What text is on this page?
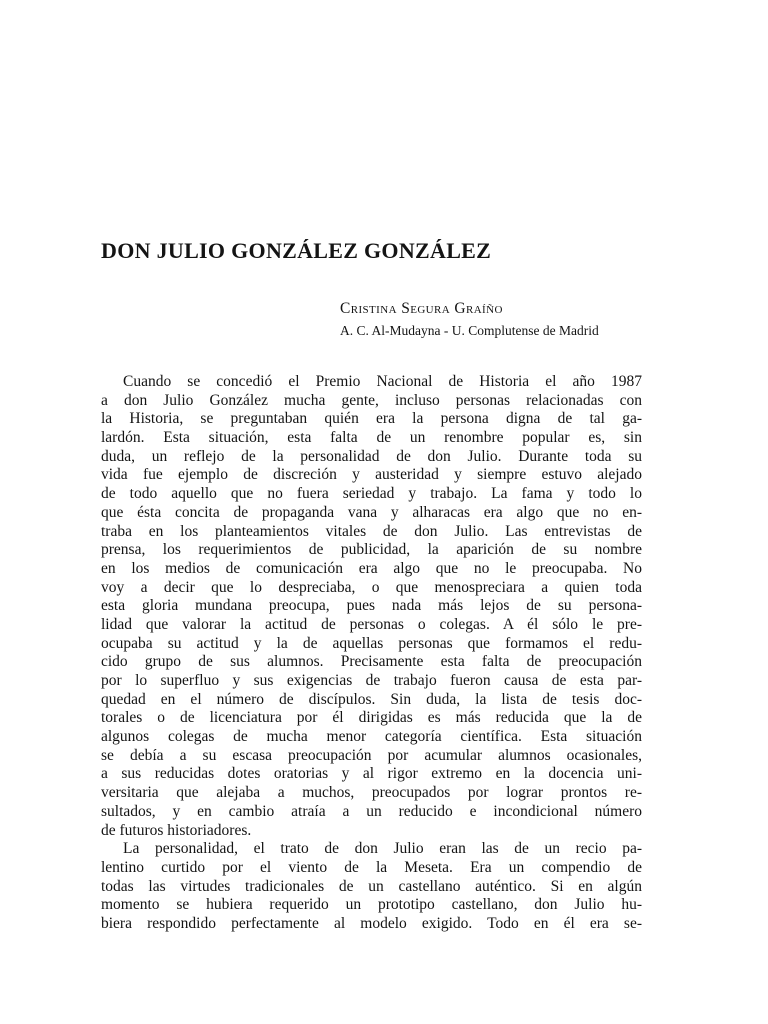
DON JULIO GONZÁLEZ GONZÁLEZ
Cristina Segura Graíño
A. C. Al-Mudayna - U. Complutense de Madrid

Cuando se concedió el Premio Nacional de Historia el año 1987
a don Julio González mucha gente, incluso personas relacionadas con
la Historia, se preguntaban quién era la persona digna de tal ga-
lardón. Esta situación, esta falta de un renombre popular es, sin
duda, un reflejo de la personalidad de don Julio. Durante toda su
vida fue ejemplo de discreción y austeridad y siempre estuvo alejado
de todo aquello que no fuera seriedad y trabajo. La fama y todo lo
que ésta concita de propaganda vana y alharacas era algo que no en-
traba en los planteamientos vitales de don Julio. Las entrevistas de
prensa, los requerimientos de publicidad, la aparición de su nombre
en los medios de comunicación era algo que no le preocupaba. No
voy a decir que lo despreciaba, o que menospreciara a quien toda
esta gloria mundana preocupa, pues nada más lejos de su persona-
lidad que valorar la actitud de personas o colegas. A él sólo le pre-
ocupaba su actitud y la de aquellas personas que formamos el redu-
cido grupo de sus alumnos. Precisamente esta falta de preocupación
por lo superfluo y sus exigencias de trabajo fueron causa de esta par-
quedad en el número de discípulos. Sin duda, la lista de tesis doc-
torales o de licenciatura por él dirigidas es más reducida que la de
algunos colegas de mucha menor categoría científica. Esta situación
se debía a su escasa preocupación por acumular alumnos ocasionales,
a sus reducidas dotes oratorias y al rigor extremo en la docencia uni-
versitaria que alejaba a muchos, preocupados por lograr prontos re-
sultados, y en cambio atraía a un reducido e incondicional número
de futuros historiadores.

La personalidad, el trato de don Julio eran las de un recio pa-
lentino curtido por el viento de la Meseta. Era un compendio de
todas las virtudes tradicionales de un castellano auténtico. Si en algún
momento se hubiera requerido un prototipo castellano, don Julio hu-
biera respondido perfectamente al modelo exigido. Todo en él era se-
